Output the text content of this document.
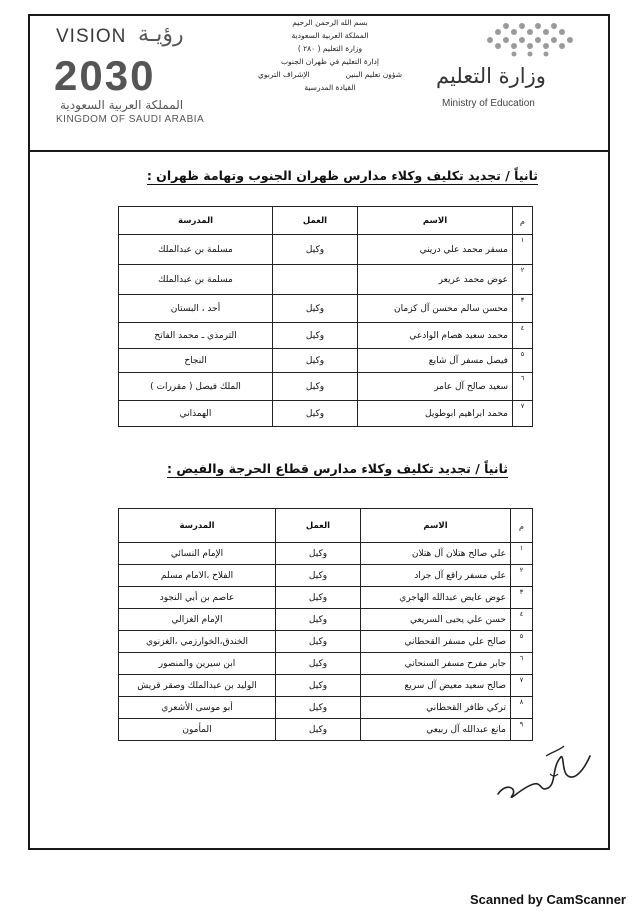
VISION رؤيـة
2030
المملكة العربية السعودية
KINGDOM OF SAUDI ARABIA
بسم الله الرحمن الرحيم
المملكة العربية السعودية
وزارة التعليم ( ٢٨٠ )
إدارة التعليم في ظهران الجنوب
شؤون تعليم البنين
الإشراف التربوي
القيادة المدرسية	وزارة التعليم
Ministry of Education
ثانياً / تجديد تكليف وكلاء مدارس ظهران الجنوب وتهامة ظهران :
م	الاسم	العمل	المدرسة
١	مسفر محمد علي دريني	وكيل	مسلمة بن عبدالملك
٢	عوض محمد عريعر		مسلمة بن عبدالملك
٣	محسن سالم محسن آل كزمان	وكيل	أحد ، البستان
٤	محمد سعيد هصام الوادعي	وكيل	الترمذي ـ محمد الفاتح
٥	فيصل مسفر آل شايع	وكيل	النجاح
٦	سعيد صالح آل عامر	وكيل	الملك فيصل ( مقررات )
٧	محمد ابراهيم ابوطويل	وكيل	الهمذاني
ثانياً / تجديد تكليف وكلاء مدارس قطاع الحرجة والفيض :
م	الاسم	العمل	المدرسة
١	علي صالح هتلان آل هتلان	وكيل	الإمام النسائي
٢	علي مسفر راقع آل جراد	وكيل	الفلاح ،الامام مسلم
٣	عوض عايض عبدالله الهاجري	وكيل	عاصم بن أبي النجود
٤	حسن علي يحيى السريعي	وكيل	الإمام الغزالي
٥	صالح علي مسفر القحطاني	وكيل	الخندق،الخوارزمي ،الغزنوي
٦	جابر مفرح مسفر السنحاني	وكيل	ابن سيرين والمنصور
٧	صالح سعيد معيض آل سريع	وكيل	الوليد بن عبدالملك وصقر قريش
٨	تركي ظافر القحطاني	وكيل	أبو موسى الأشعري
٩	مانع عبدالله آل ربيعي	وكيل	المأمون
Scanned by CamScanner
